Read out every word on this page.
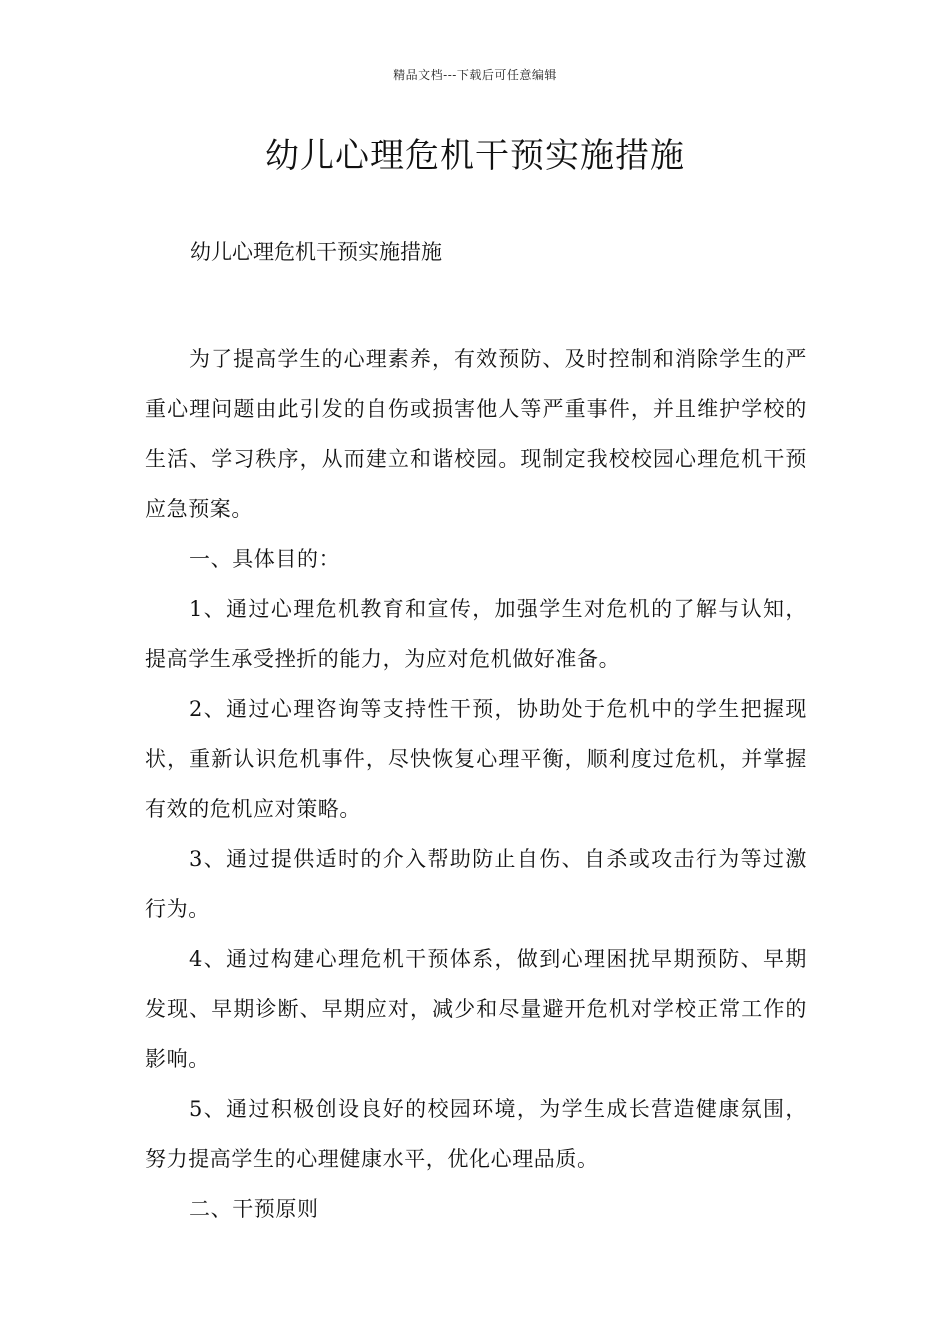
精品文档---下载后可任意编辑
幼儿心理危机干预实施措施

幼儿心理危机干预实施措施

为了提高学生的心理素养，有效预防、及时控制和消除学生的严重心理问题由此引发的自伤或损害他人等严重事件，并且维护学校的生活、学习秩序，从而建立和谐校园。现制定我校校园心理危机干预应急预案。

一、具体目的：

1、通过心理危机教育和宣传，加强学生对危机的了解与认知，提高学生承受挫折的能力，为应对危机做好准备。

2、通过心理咨询等支持性干预，协助处于危机中的学生把握现状，重新认识危机事件，尽快恢复心理平衡，顺利度过危机，并掌握有效的危机应对策略。

3、通过提供适时的介入帮助防止自伤、自杀或攻击行为等过激行为。

4、通过构建心理危机干预体系，做到心理困扰早期预防、早期发现、早期诊断、早期应对，减少和尽量避开危机对学校正常工作的影响。

5、通过积极创设良好的校园环境，为学生成长营造健康氛围，努力提高学生的心理健康水平，优化心理品质。

二、干预原则
